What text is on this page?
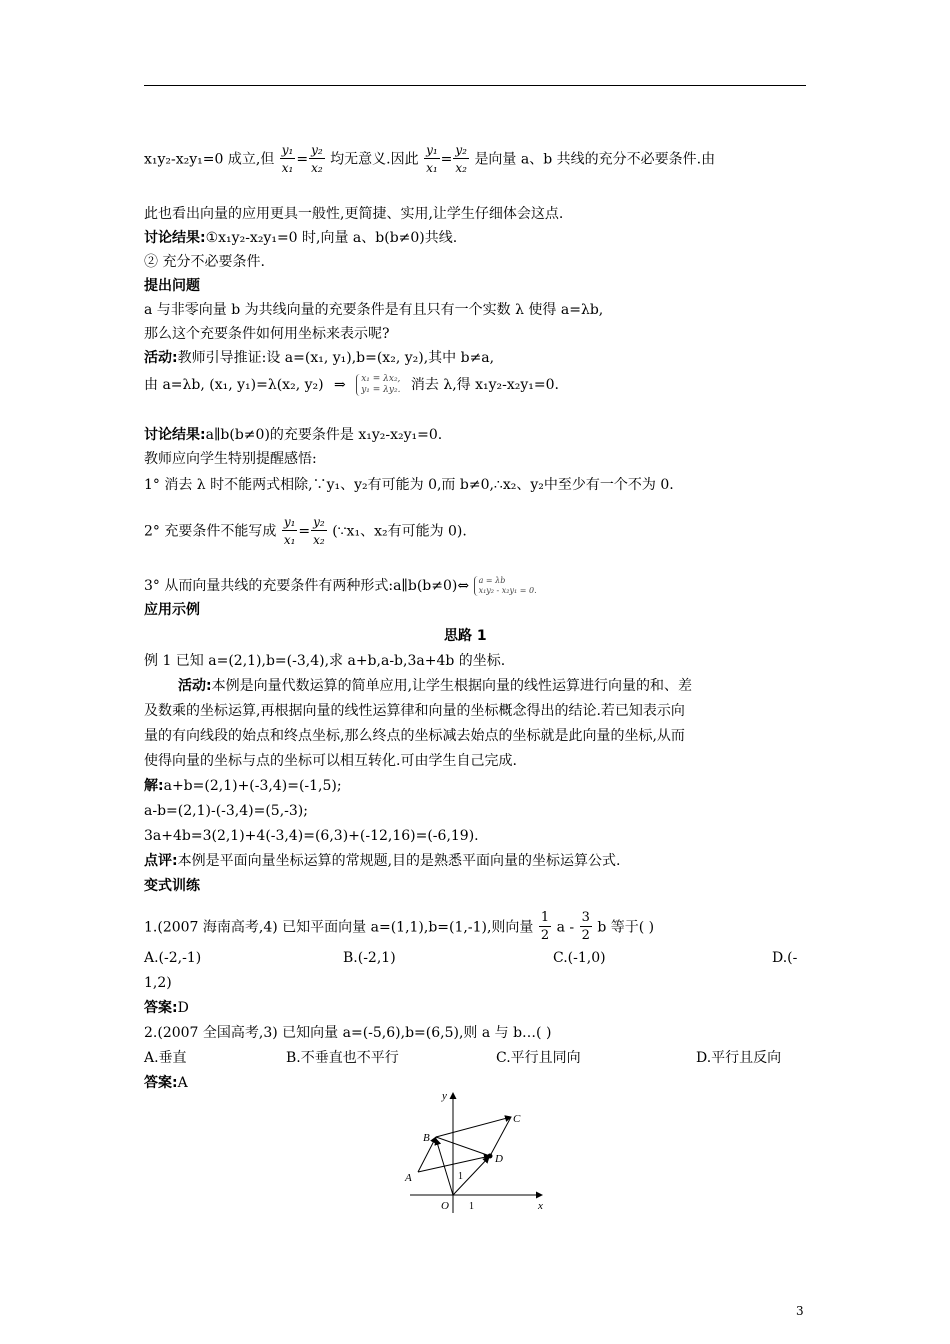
x₁y₂-x₂y₁=0 成立,但 $\frac{\text{y₁}}{\text{x₁}} = \frac{\text{y₂}}{\text{x₂}}$ 均无意义.因此 $\frac{\text{y₁}}{\text{x₁}} = \frac{\text{y₂}}{\text{x₂}}$ 是向量 a、b 共线的充分不必要条件.由
此也看出向量的应用更具一般性,更简捷、实用,让学生仔细体会这点.
讨论结果:①x₁y₂-x₂y₁=0 时,向量 a、b(b≠0)共线.
② 充分不必要条件.
提出问题
a 与非零向量 b 为共线向量的充要条件是有且只有一个实数 λ 使得 a=λb,
那么这个充要条件如何用坐标来表示呢?
活动:教师引导推证:设 a=(x₁, y₁),b=(x₂, y₂),其中 b≠a,
由 a=λb, (x₁, y₁)=λ(x₂, y₂) ⇒ x₁ = λx₂,
y₁ = λy₂. 消去 λ,得 x₁y₂-x₂y₁=0.
讨论结果:a∥b(b≠0)的充要条件是 x₁y₂-x₂y₁=0.
教师应向学生特别提醒感悟:
1° 消去 λ 时不能两式相除,∵y₁、y₂有可能为 0,而 b≠0,∴x₂、y₂中至少有一个不为 0.
2° 充要条件不能写成 $\frac{\text{y₁}}{\text{x₁}} = \frac{\text{y₂}}{\text{x₂}}$ (∵x₁、x₂有可能为 0).
3° 从而向量共线的充要条件有两种形式:a∥b(b≠0)⇔ a = λb
x₁y₂ - x₂y₁ = 0.
应用示例
思路 1
例 1 已知 a=(2,1),b=(-3,4),求 a+b,a-b,3a+4b 的坐标.
活动:本例是向量代数运算的简单应用,让学生根据向量的线性运算进行向量的和、差
及数乘的坐标运算,再根据向量的线性运算律和向量的坐标概念得出的结论.若已知表示向
量的有向线段的始点和终点坐标,那么终点的坐标减去始点的坐标就是此向量的坐标,从而
使得向量的坐标与点的坐标可以相互转化.可由学生自己完成.
解:a+b=(2,1)+(-3,4)=(-1,5);
a-b=(2,1)-(-3,4)=(5,-3);
3a+4b=3(2,1)+4(-3,4)=(6,3)+(-12,16)=(-6,19).
点评:本例是平面向量坐标运算的常规题,目的是熟悉平面向量的坐标运算公式.
变式训练
1.(2007 海南高考,4) 已知平面向量 a=(1,1),b=(1,-1),则向量 $\frac{1}{2}$ a - $\frac{3}{2}$ b 等于( )
A.(-2,-1)	B.(-2,1)	C.(-1,0)	D.(-
1,2)
答案:D
2.(2007 全国高考,3) 已知向量 a=(-5,6),b=(6,5),则 a 与 b…( )
A.垂直	B.不垂直也不平行	C.平行且同向	D.平行且反向
答案:A
y
x
O 1
1
A
B
C
D
3
